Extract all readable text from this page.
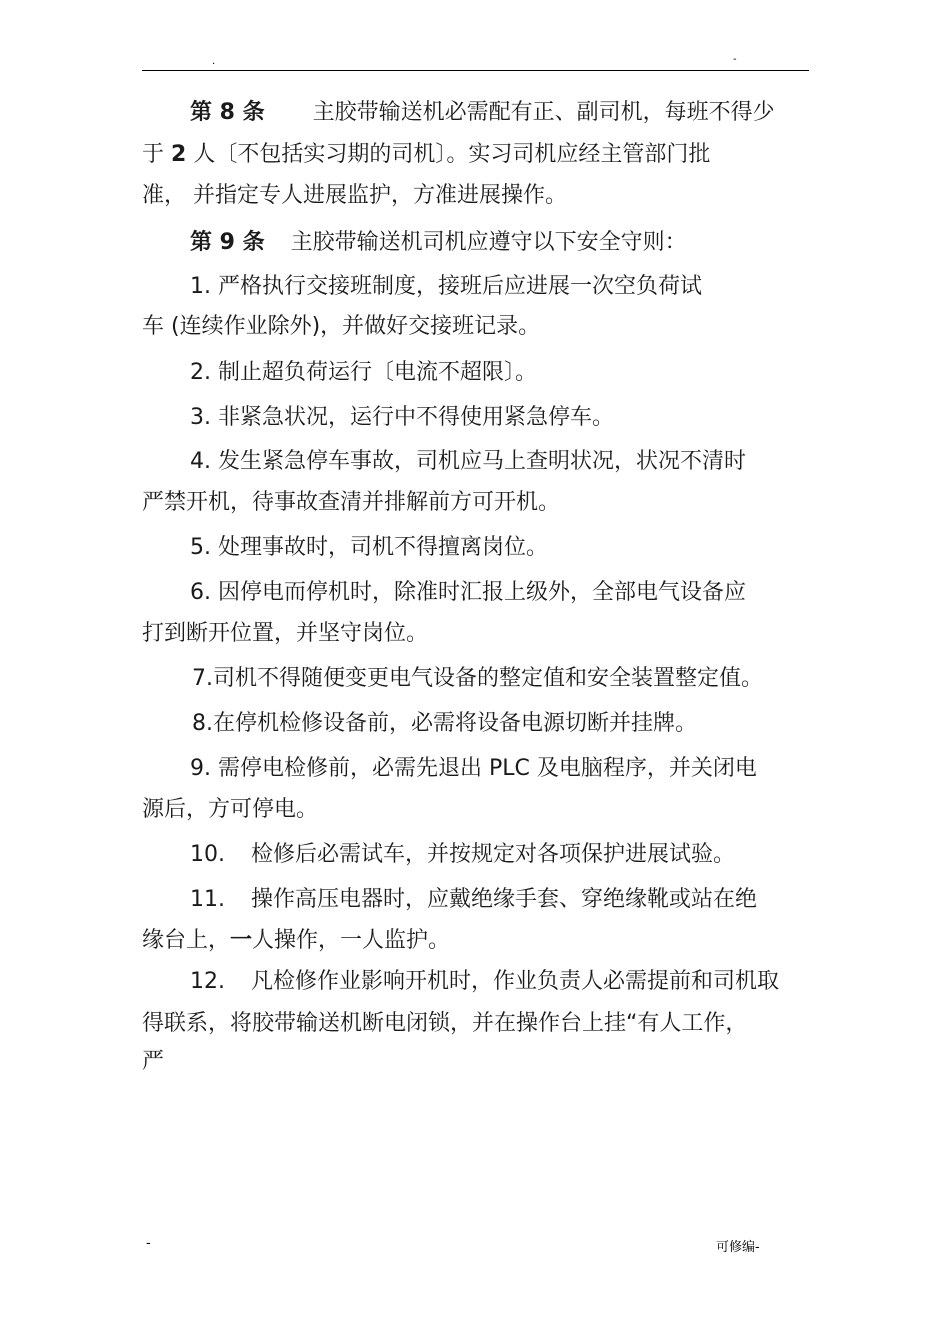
.	-
第 8 条 主胶带输送机必需配有正、副司机，每班不得少
于 2 人〔不包括实习期的司机〕。实习司机应经主管部门批
准， 并指定专人进展监护，方准进展操作。
第 9 条 主胶带输送机司机应遵守以下安全守则：
1. 严格执行交接班制度，接班后应进展一次空负荷试
车 (连续作业除外)，并做好交接班记录。
2. 制止超负荷运行〔电流不超限〕。
3. 非紧急状况，运行中不得使用紧急停车。
4. 发生紧急停车事故，司机应马上查明状况，状况不清时
严禁开机，待事故查清并排解前方可开机。
5. 处理事故时，司机不得擅离岗位。
6. 因停电而停机时，除准时汇报上级外，全部电气设备应
打到断开位置，并坚守岗位。
7.司机不得随便变更电气设备的整定值和安全装置整定值。
8.在停机检修设备前，必需将设备电源切断并挂牌。
9. 需停电检修前，必需先退出 PLC 及电脑程序，并关闭电
源后，方可停电。
10. 检修后必需试车，并按规定对各项保护进展试验。
11. 操作高压电器时，应戴绝缘手套、穿绝缘靴或站在绝
缘台上，一人操作，一人监护。
12. 凡检修作业影响开机时，作业负责人必需提前和司机取
得联系，将胶带输送机断电闭锁，并在操作台上挂“有人工作，
严
-	可修编-
